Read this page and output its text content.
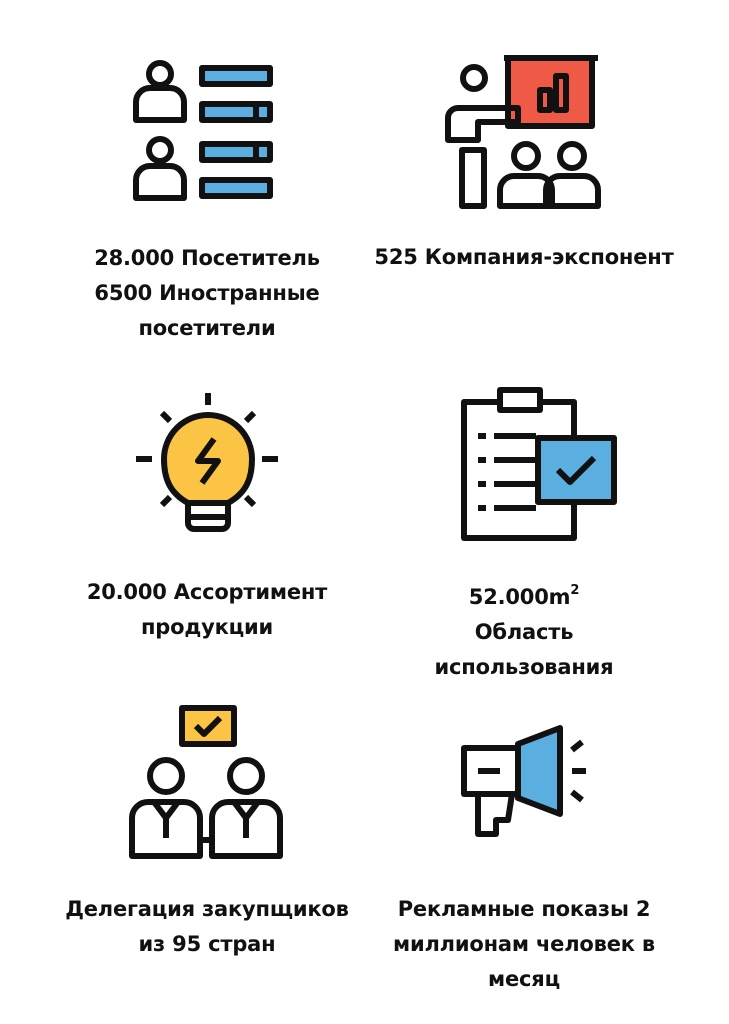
28.000 Посетитель
6500 Иностранные
посетители
525 Компания-экспонент
20.000 Ассортимент
продукции
$52.000m^2$
Область
использования
Делегация закупщиков
из 95 стран
Рекламные показы 2
миллионам человек в
месяц
